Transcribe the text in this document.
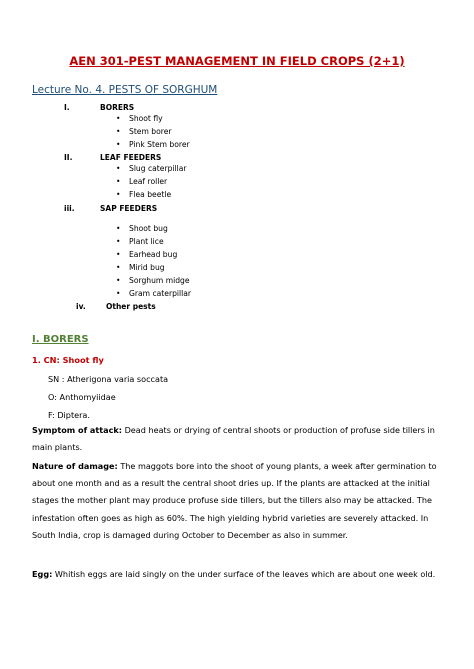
AEN 301-PEST MANAGEMENT IN FIELD CROPS (2+1)
Lecture No. 4. PESTS OF SORGHUM
I.	BORERS
• Shoot fly
• Stem borer
• Pink Stem borer
II.	LEAF FEEDERS
• Slug caterpillar
• Leaf roller
• Flea beetle
iii.	SAP FEEDERS
• Shoot bug
• Plant lice
• Earhead bug
• Mirid bug
• Sorghum midge
• Gram caterpillar
iv.	Other pests
I. BORERS
1. CN: Shoot fly
SN : Atherigona varia soccata
O: Anthomyiidae
F: Diptera.
Symptom of attack: Dead heats or drying of central shoots or production of profuse side tillers in main plants.
Nature of damage: The maggots bore into the shoot of young plants, a week after germination to about one month and as a result the central shoot dries up. If the plants are attacked at the initial stages the mother plant may produce profuse side tillers, but the tillers also may be attacked. The infestation often goes as high as 60%. The high yielding hybrid varieties are severely attacked. In South India, crop is damaged during October to December as also in summer.
Egg: Whitish eggs are laid singly on the under surface of the leaves which are about one week old.
